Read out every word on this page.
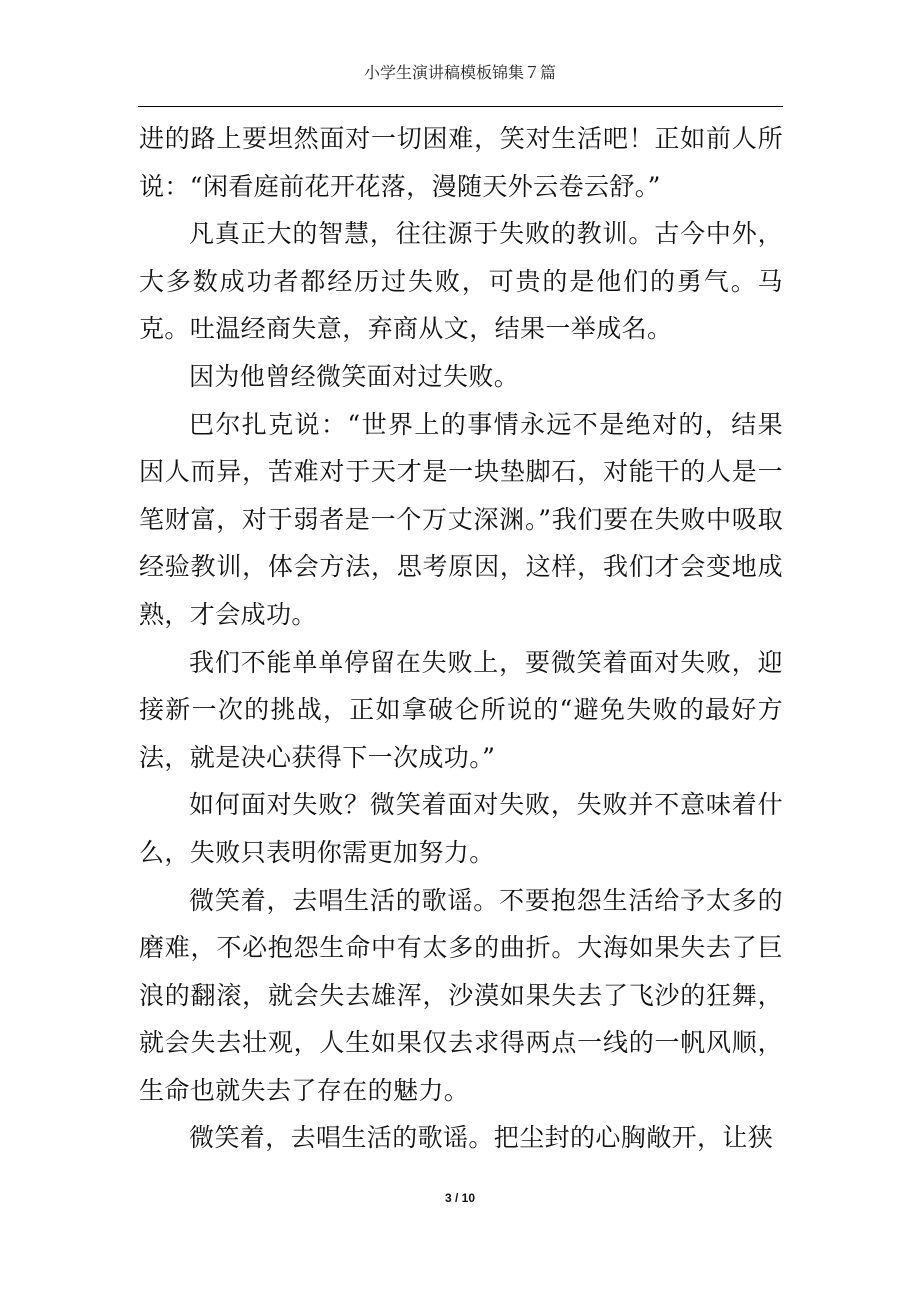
小学生演讲稿模板锦集７篇

进的路上要坦然面对一切困难，笑对生活吧！正如前人所说：“闲看庭前花开花落，漫随天外云卷云舒。”

凡真正大的智慧，往往源于失败的教训。古今中外，大多数成功者都经历过失败，可贵的是他们的勇气。马克。吐温经商失意，弃商从文，结果一举成名。

因为他曾经微笑面对过失败。

巴尔扎克说：“世界上的事情永远不是绝对的，结果因人而异，苦难对于天才是一块垫脚石，对能干的人是一笔财富，对于弱者是一个万丈深渊。”我们要在失败中吸取经验教训，体会方法，思考原因，这样，我们才会变地成熟，才会成功。

我们不能单单停留在失败上，要微笑着面对失败，迎接新一次的挑战，正如拿破仑所说的“避免失败的最好方法，就是决心获得下一次成功。”

如何面对失败？微笑着面对失败，失败并不意味着什么，失败只表明你需更加努力。

微笑着，去唱生活的歌谣。不要抱怨生活给予太多的磨难，不必抱怨生命中有太多的曲折。大海如果失去了巨浪的翻滚，就会失去雄浑，沙漠如果失去了飞沙的狂舞，就会失去壮观，人生如果仅去求得两点一线的一帆风顺，生命也就失去了存在的魅力。

微笑着，去唱生活的歌谣。把尘封的心胸敞开，让狭

3 / 10
